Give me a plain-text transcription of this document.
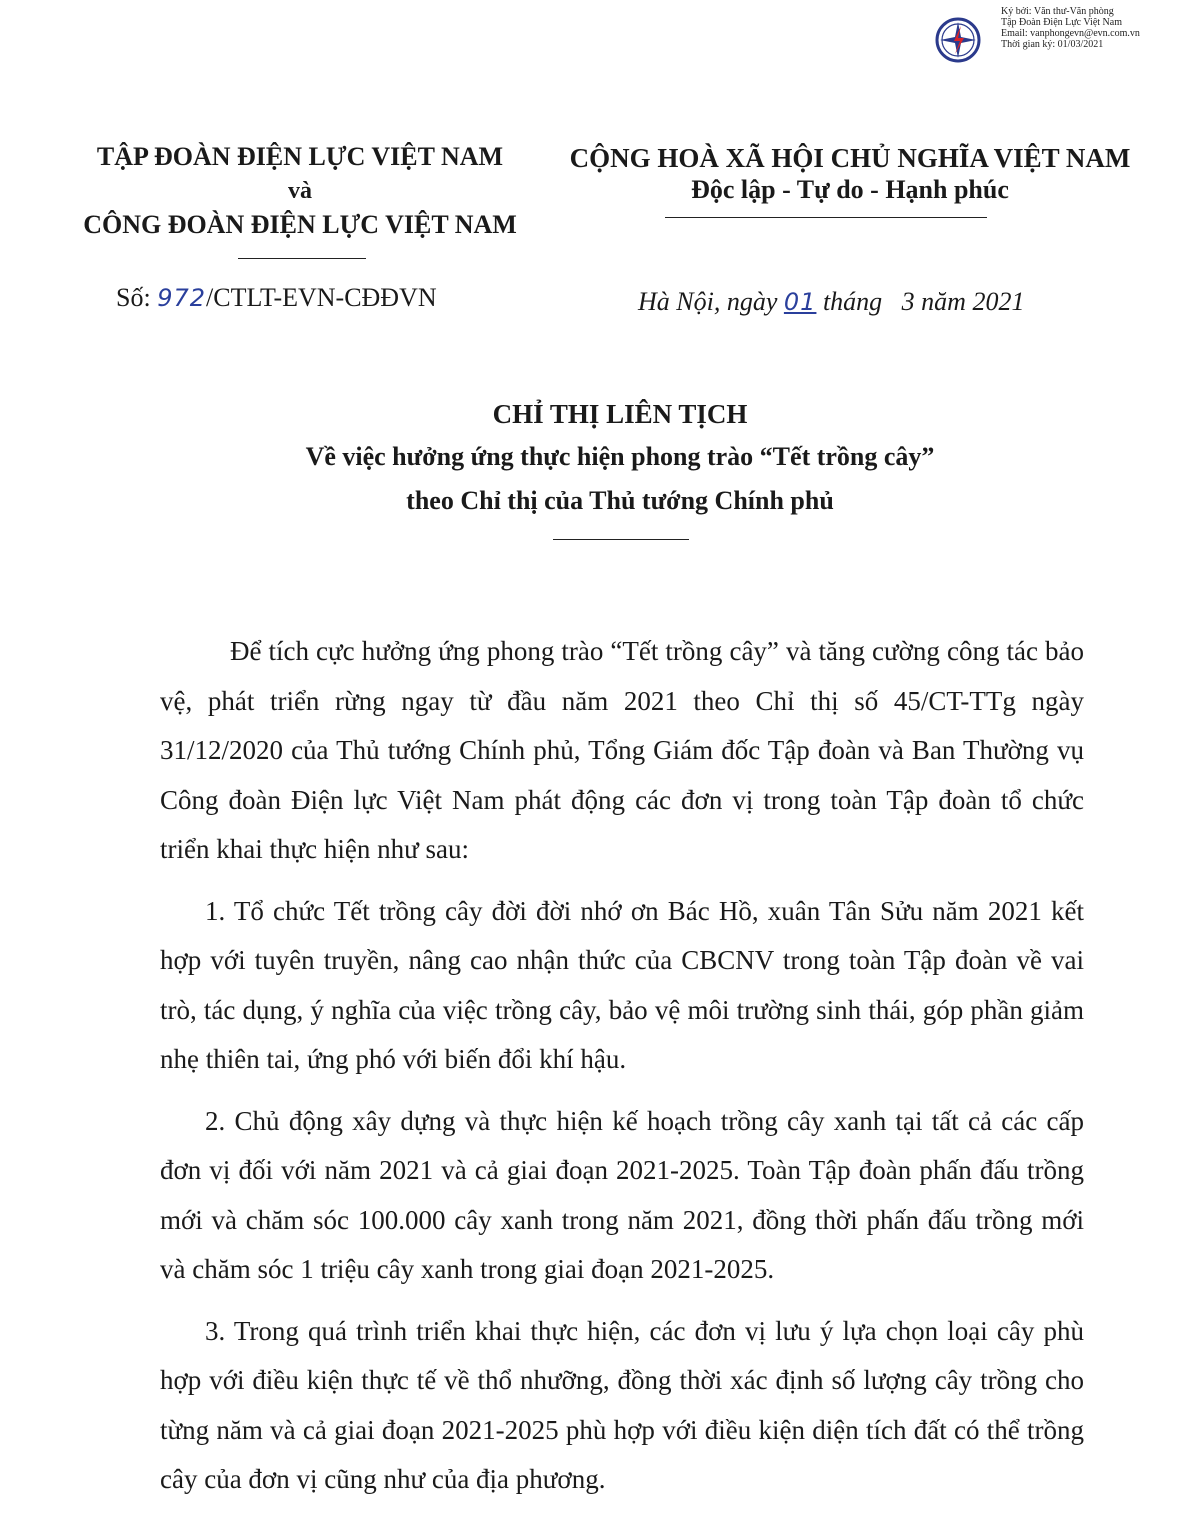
Ký bởi: Văn thư-Văn phòng
Tập Đoàn Điện Lực Việt Nam
Email: vanphongevn@evn.com.vn
Thời gian ký: 01/03/2021
TẬP ĐOÀN ĐIỆN LỰC VIỆT NAM
và
CÔNG ĐOÀN ĐIỆN LỰC VIỆT NAM
CỘNG HOÀ XÃ HỘI CHỦ NGHĨA VIỆT NAM
Độc lập - Tự do - Hạnh phúc
Số: 972/CTLT-EVN-CĐĐVN	Hà Nội, ngày 01 tháng   3 năm 2021
CHỈ THỊ LIÊN TỊCH
Về việc hưởng ứng thực hiện phong trào “Tết trồng cây”
theo Chỉ thị của Thủ tướng Chính phủ

Để tích cực hưởng ứng phong trào “Tết trồng cây” và tăng cường công tác bảo vệ, phát triển rừng ngay từ đầu năm 2021 theo Chỉ thị số 45/CT-TTg ngày 31/12/2020 của Thủ tướng Chính phủ, Tổng Giám đốc Tập đoàn và Ban Thường vụ Công đoàn Điện lực Việt Nam phát động các đơn vị trong toàn Tập đoàn tổ chức triển khai thực hiện như sau:

1. Tổ chức Tết trồng cây đời đời nhớ ơn Bác Hồ, xuân Tân Sửu năm 2021 kết hợp với tuyên truyền, nâng cao nhận thức của CBCNV trong toàn Tập đoàn về vai trò, tác dụng, ý nghĩa của việc trồng cây, bảo vệ môi trường sinh thái, góp phần giảm nhẹ thiên tai, ứng phó với biến đổi khí hậu.

2. Chủ động xây dựng và thực hiện kế hoạch trồng cây xanh tại tất cả các cấp đơn vị đối với năm 2021 và cả giai đoạn 2021-2025. Toàn Tập đoàn phấn đấu trồng mới và chăm sóc 100.000 cây xanh trong năm 2021, đồng thời phấn đấu trồng mới và chăm sóc 1 triệu cây xanh trong giai đoạn 2021-2025.

3. Trong quá trình triển khai thực hiện, các đơn vị lưu ý lựa chọn loại cây phù hợp với điều kiện thực tế về thổ nhưỡng, đồng thời xác định số lượng cây trồng cho từng năm và cả giai đoạn 2021-2025 phù hợp với điều kiện diện tích đất có thể trồng cây của đơn vị cũng như của địa phương.
